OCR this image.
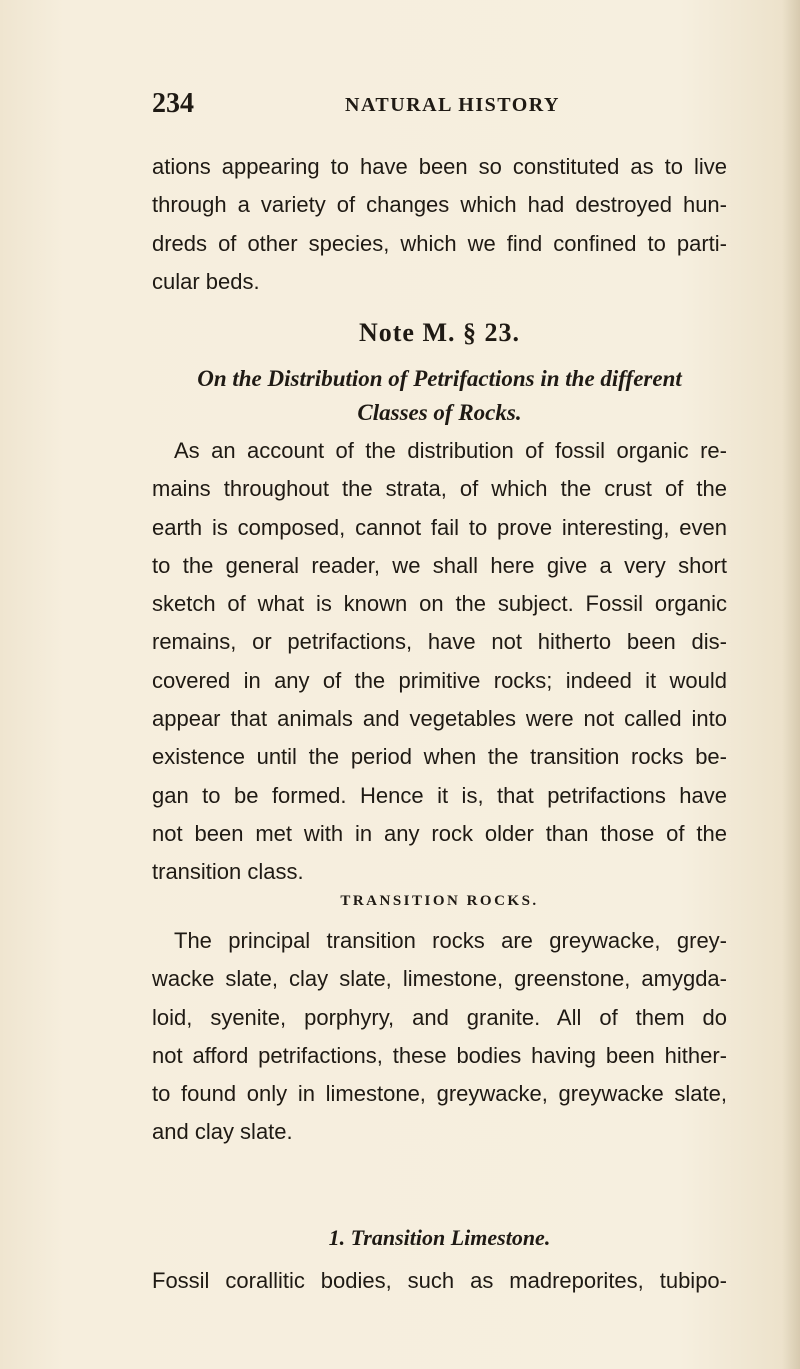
234	NATURAL HISTORY
ations appearing to have been so constituted as to live
through a variety of changes which had destroyed hun-
dreds of other species, which we find confined to parti-
cular beds.
Note M. § 23.
On the Distribution of Petrifactions in the different
Classes of Rocks.
As an account of the distribution of fossil organic re-
mains throughout the strata, of which the crust of the
earth is composed, cannot fail to prove interesting, even
to the general reader, we shall here give a very short
sketch of what is known on the subject. Fossil organic
remains, or petrifactions, have not hitherto been dis-
covered in any of the primitive rocks; indeed it would
appear that animals and vegetables were not called into
existence until the period when the transition rocks be-
gan to be formed. Hence it is, that petrifactions have
not been met with in any rock older than those of the
transition class.
TRANSITION ROCKS.
The principal transition rocks are greywacke, grey-
wacke slate, clay slate, limestone, greenstone, amygda-
loid, syenite, porphyry, and granite. All of them do
not afford petrifactions, these bodies having been hither-
to found only in limestone, greywacke, greywacke slate,
and clay slate.
1. Transition Limestone.
Fossil corallitic bodies, such as madreporites, tubipo-
